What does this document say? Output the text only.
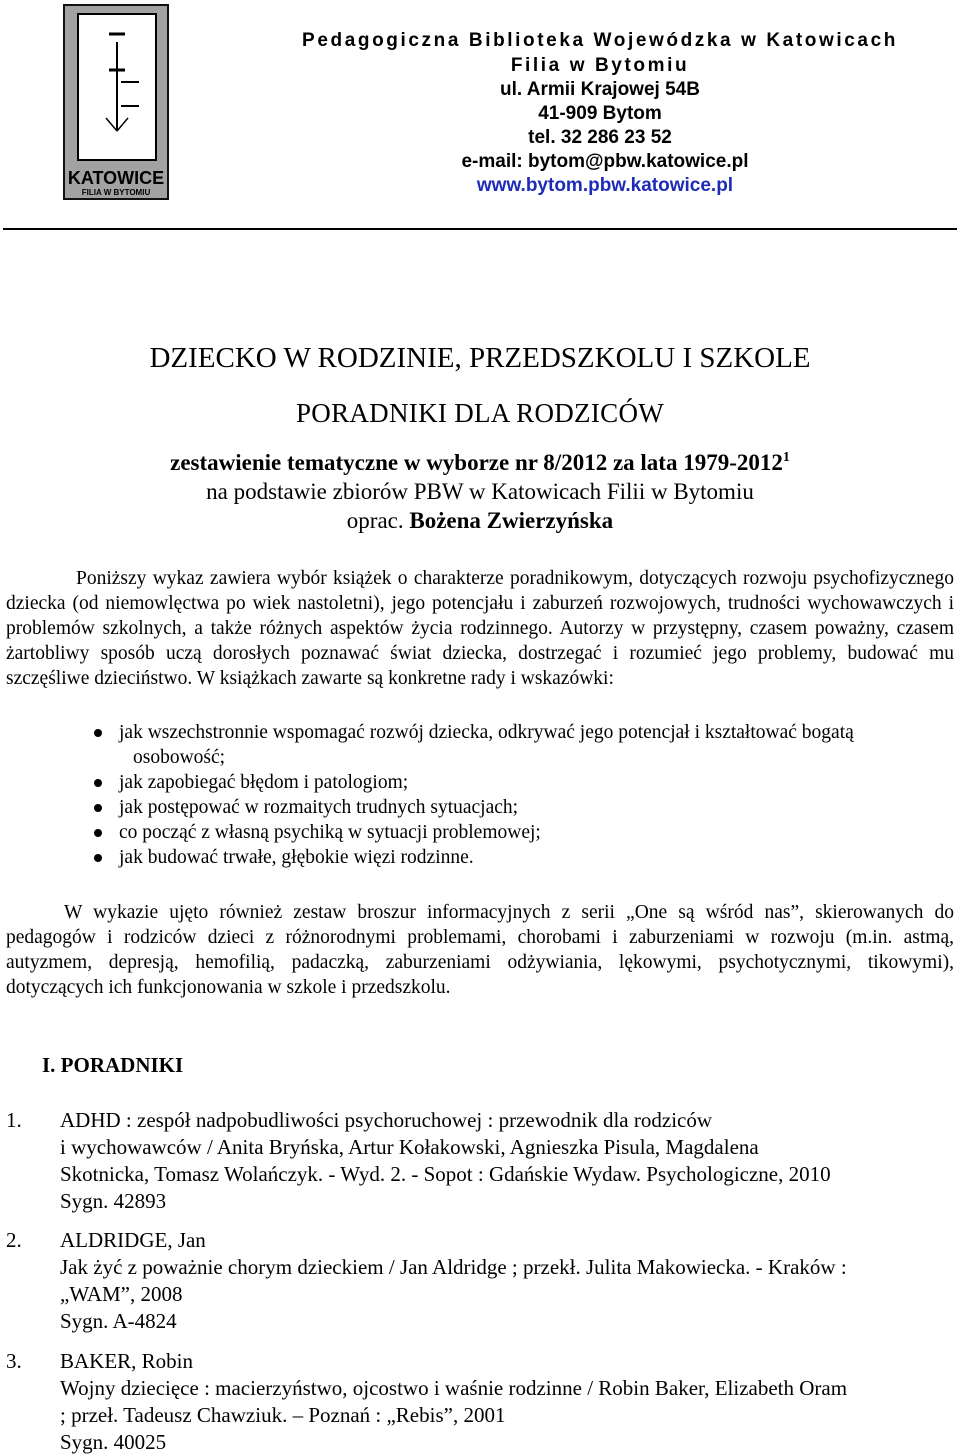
KATOWICE
FILIA W BYTOMIU
Pedagogiczna Biblioteka Wojewódzka w Katowicach
Filia w Bytomiu
ul. Armii Krajowej 54B
41-909 Bytom
tel. 32 286 23 52
e-mail: bytom@pbw.katowice.pl
www.bytom.pbw.katowice.pl
DZIECKO W RODZINIE, PRZEDSZKOLU I SZKOLE
PORADNIKI DLA RODZICÓW
zestawienie tematyczne w wyborze nr 8/2012 za lata 1979-2012$^1$
na podstawie zbiorów PBW w Katowicach Filii w Bytomiu
oprac. Bożena Zwierzyńska
Poniższy wykaz zawiera wybór książek o charakterze poradnikowym, dotyczących rozwoju psychofizycznego dziecka (od niemowlęctwa po wiek nastoletni), jego potencjału i zaburzeń rozwojowych, trudności wychowawczych i problemów szkolnych, a także różnych aspektów życia rodzinnego. Autorzy w przystępny, czasem poważny, czasem żartobliwy sposób uczą dorosłych poznawać świat dziecka, dostrzegać i rozumieć jego problemy, budować mu szczęśliwe dzieciństwo. W książkach zawarte są konkretne rady i wskazówki:
jak wszechstronnie wspomagać rozwój dziecka, odkrywać jego potencjał i kształtować bogatą
osobowość;
jak zapobiegać błędom i patologiom;
jak postępować w rozmaitych trudnych sytuacjach;
co począć z własną psychiką w sytuacji problemowej;
jak budować trwałe, głębokie więzi rodzinne.
W wykazie ujęto również zestaw broszur informacyjnych z serii „One są wśród nas”, skierowanych do pedagogów i rodziców dzieci z różnorodnymi problemami, chorobami i zaburzeniami w rozwoju (m.in. astmą, autyzmem, depresją, hemofilią, padaczką, zaburzeniami odżywiania, lękowymi, psychotycznymi, tikowymi), dotyczących ich funkcjonowania w szkole i przedszkolu.
I. PORADNIKI
1. ADHD : zespół nadpobudliwości psychoruchowej : przewodnik dla rodziców
i wychowawców / Anita Bryńska, Artur Kołakowski, Agnieszka Pisula, Magdalena
Skotnicka, Tomasz Wolańczyk. - Wyd. 2. - Sopot : Gdańskie Wydaw. Psychologiczne, 2010
Sygn. 42893
2. ALDRIDGE, Jan
Jak żyć z poważnie chorym dzieckiem / Jan Aldridge ; przekł. Julita Makowiecka. - Kraków :
„WAM”, 2008
Sygn. A-4824
3. BAKER, Robin
Wojny dziecięce : macierzyństwo, ojcostwo i waśnie rodzinne / Robin Baker, Elizabeth Oram
; przeł. Tadeusz Chawziuk. – Poznań : „Rebis”, 2001
Sygn. 40025
